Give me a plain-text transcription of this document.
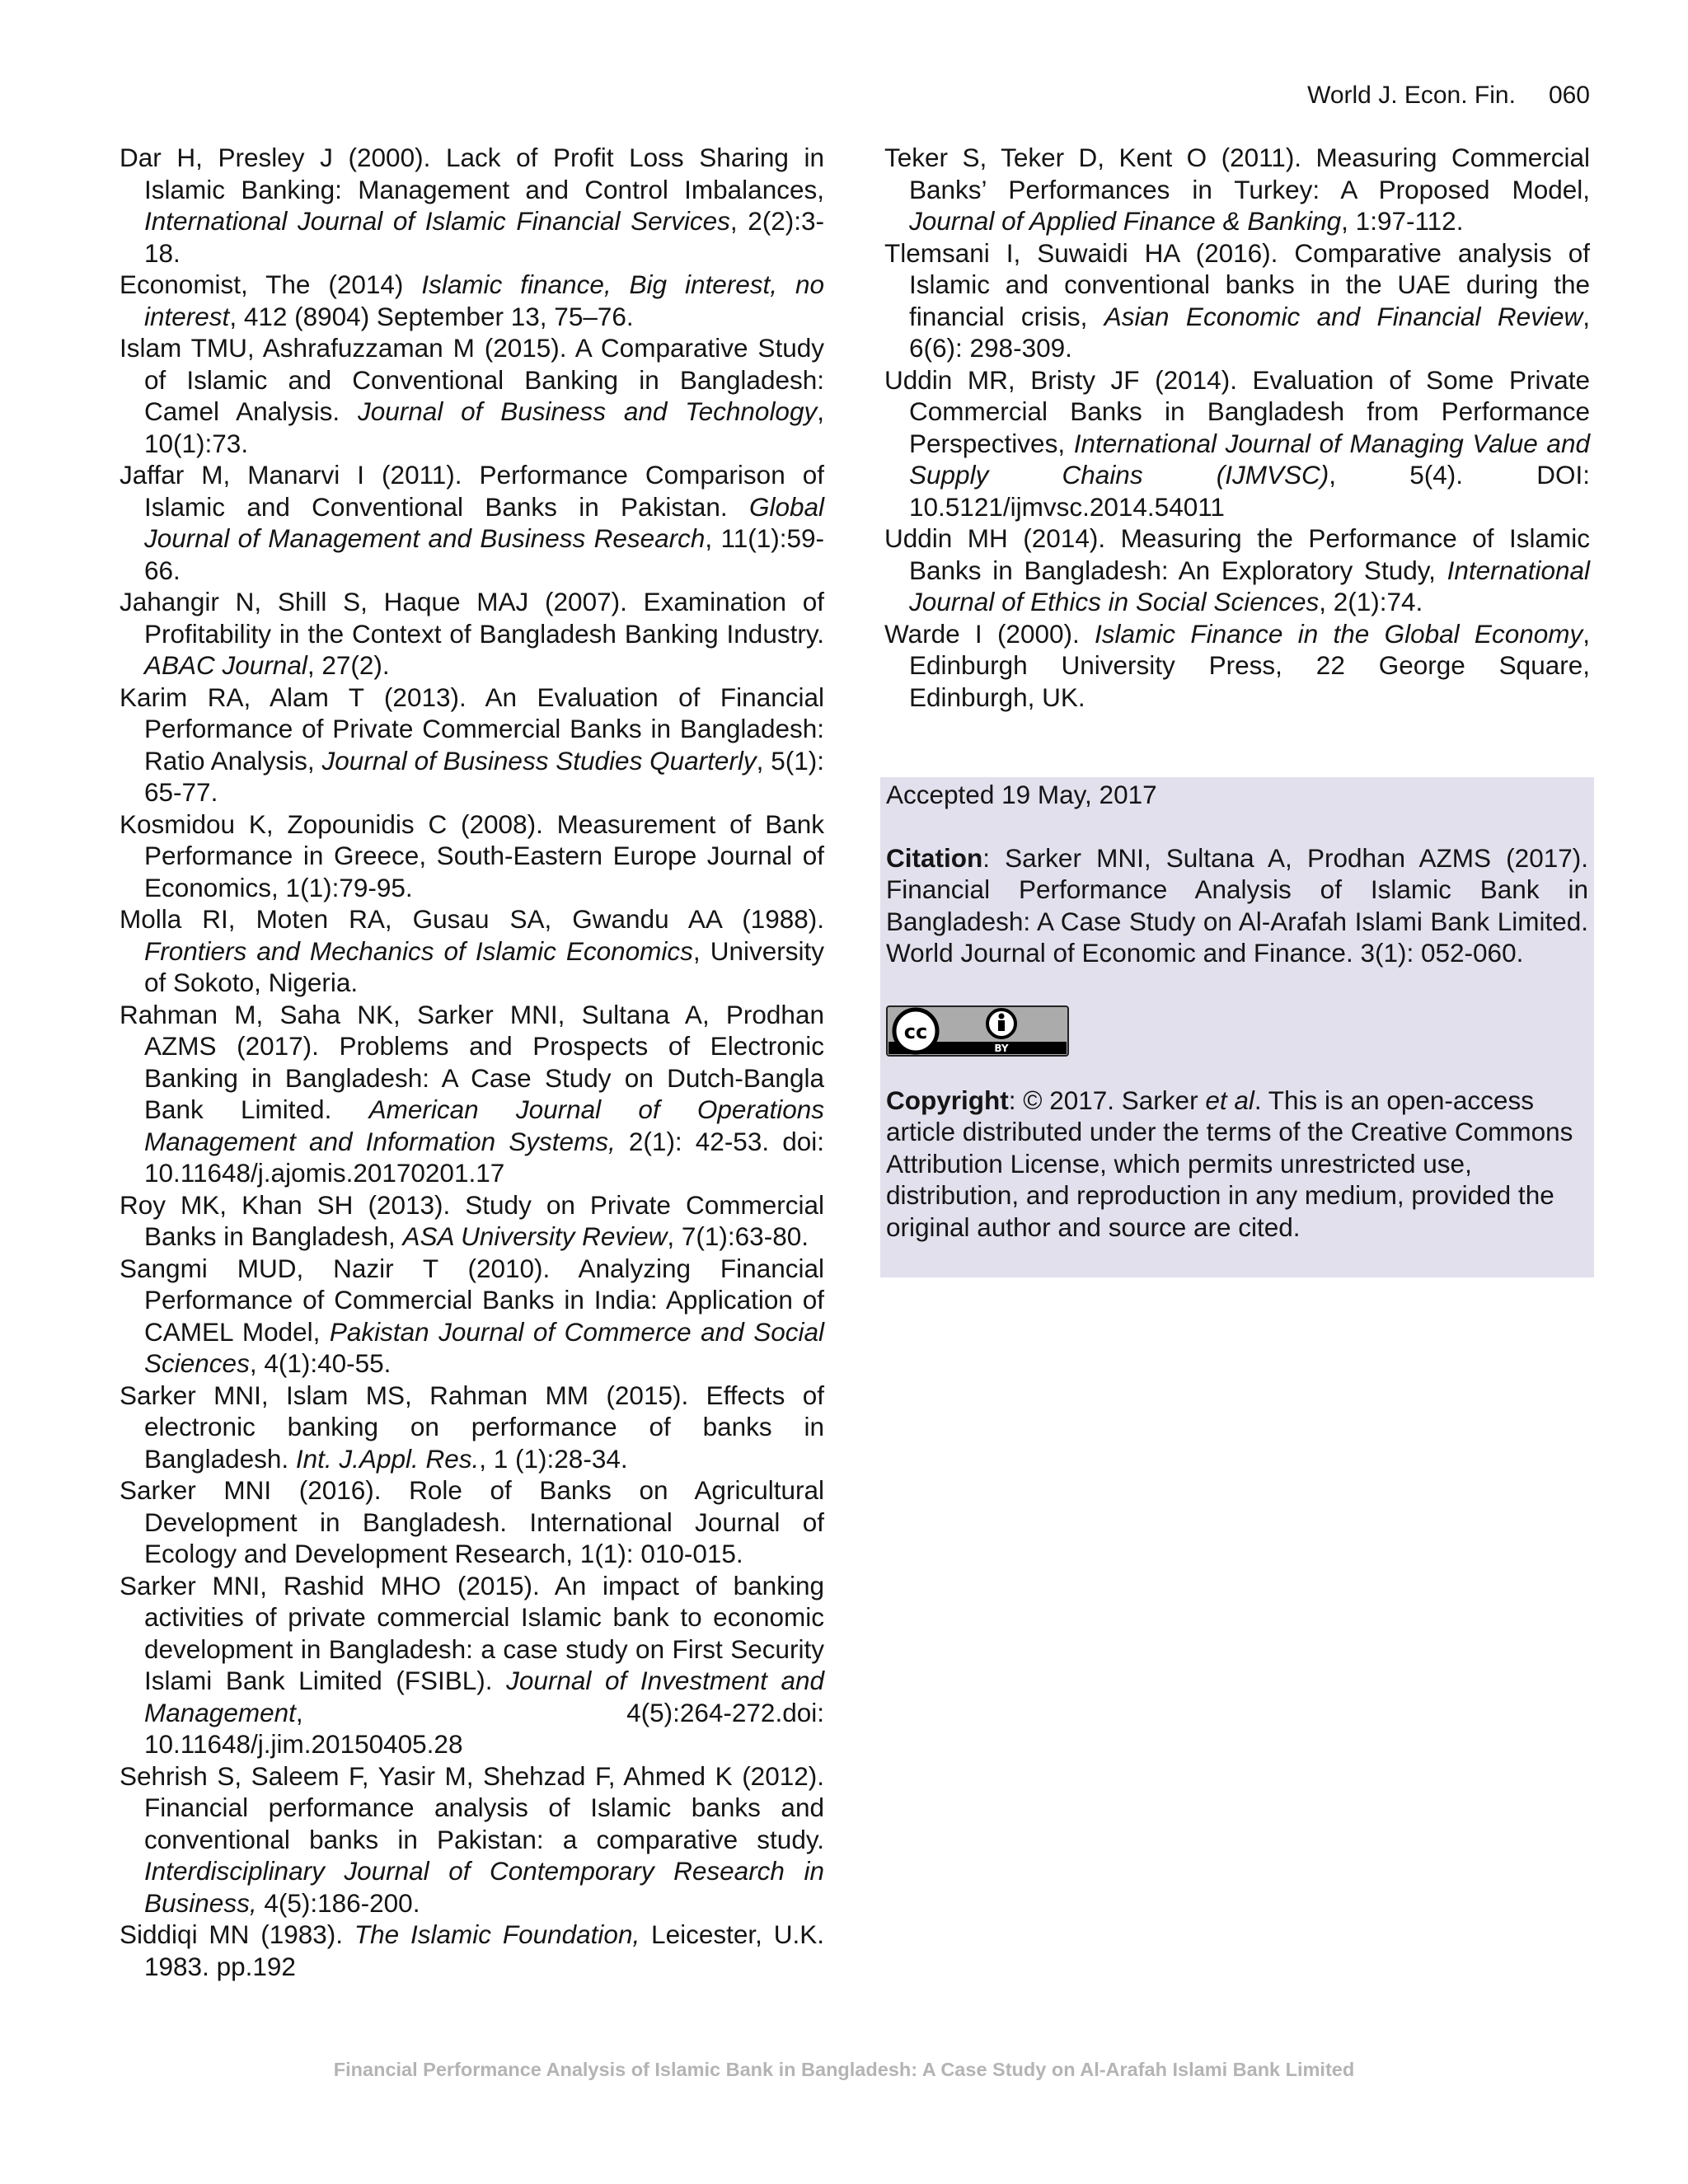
World J. Econ. Fin. 060

Dar H, Presley J (2000). Lack of Profit Loss Sharing in Islamic Banking: Management and Control Imbalances, International Journal of Islamic Financial Services, 2(2):3-18.

Economist, The (2014) Islamic finance, Big interest, no interest, 412 (8904) September 13, 75–76.

Islam TMU, Ashrafuzzaman M (2015). A Comparative Study of Islamic and Conventional Banking in Bangladesh: Camel Analysis. Journal of Business and Technology, 10(1):73.

Jaffar M, Manarvi I (2011). Performance Comparison of Islamic and Conventional Banks in Pakistan. Global Journal of Management and Business Research, 11(1):59-66.

Jahangir N, Shill S, Haque MAJ (2007). Examination of Profitability in the Context of Bangladesh Banking Industry. ABAC Journal, 27(2).

Karim RA, Alam T (2013). An Evaluation of Financial Performance of Private Commercial Banks in Bangladesh: Ratio Analysis, Journal of Business Studies Quarterly, 5(1): 65-77.

Kosmidou K, Zopounidis C (2008). Measurement of Bank Performance in Greece, South-Eastern Europe Journal of Economics, 1(1):79-95.

Molla RI, Moten RA, Gusau SA, Gwandu AA (1988). Frontiers and Mechanics of Islamic Economics, University of Sokoto, Nigeria.

Rahman M, Saha NK, Sarker MNI, Sultana A, Prodhan AZMS (2017). Problems and Prospects of Electronic Banking in Bangladesh: A Case Study on Dutch-Bangla Bank Limited. American Journal of Operations Management and Information Systems, 2(1): 42-53. doi: 10.11648/j.ajomis.20170201.17

Roy MK, Khan SH (2013). Study on Private Commercial Banks in Bangladesh, ASA University Review, 7(1):63-80.

Sangmi MUD, Nazir T (2010). Analyzing Financial Performance of Commercial Banks in India: Application of CAMEL Model, Pakistan Journal of Commerce and Social Sciences, 4(1):40-55.

Sarker MNI, Islam MS, Rahman MM (2015). Effects of electronic banking on performance of banks in Bangladesh. Int. J.Appl. Res., 1 (1):28-34.

Sarker MNI (2016). Role of Banks on Agricultural Development in Bangladesh. International Journal of Ecology and Development Research, 1(1): 010-015.

Sarker MNI, Rashid MHO (2015). An impact of banking activities of private commercial Islamic bank to economic development in Bangladesh: a case study on First Security Islami Bank Limited (FSIBL). Journal of Investment and Management, 4(5):264-272.doi: 10.11648/j.jim.20150405.28

Sehrish S, Saleem F, Yasir M, Shehzad F, Ahmed K (2012). Financial performance analysis of Islamic banks and conventional banks in Pakistan: a comparative study. Interdisciplinary Journal of Contemporary Research in Business, 4(5):186-200.

Siddiqi MN (1983). The Islamic Foundation, Leicester, U.K. 1983. pp.192

Teker S, Teker D, Kent O (2011). Measuring Commercial Banks’ Performances in Turkey: A Proposed Model, Journal of Applied Finance & Banking, 1:97-112.

Tlemsani I, Suwaidi HA (2016). Comparative analysis of Islamic and conventional banks in the UAE during the financial crisis, Asian Economic and Financial Review, 6(6): 298-309.

Uddin MR, Bristy JF (2014). Evaluation of Some Private Commercial Banks in Bangladesh from Performance Perspectives, International Journal of Managing Value and Supply Chains (IJMVSC), 5(4). DOI: 10.5121/ijmvsc.2014.54011

Uddin MH (2014). Measuring the Performance of Islamic Banks in Bangladesh: An Exploratory Study, International Journal of Ethics in Social Sciences, 2(1):74.

Warde I (2000). Islamic Finance in the Global Economy, Edinburgh University Press, 22 George Square, Edinburgh, UK.

Accepted 19 May, 2017

Citation: Sarker MNI, Sultana A, Prodhan AZMS (2017). Financial Performance Analysis of Islamic Bank in Bangladesh: A Case Study on Al-Arafah Islami Bank Limited. World Journal of Economic and Finance. 3(1): 052-060.

cc
BY

Copyright: © 2017. Sarker et al. This is an open-access article distributed under the terms of the Creative Commons Attribution License, which permits unrestricted use, distribution, and reproduction in any medium, provided the original author and source are cited.

Financial Performance Analysis of Islamic Bank in Bangladesh: A Case Study on Al-Arafah Islami Bank Limited
